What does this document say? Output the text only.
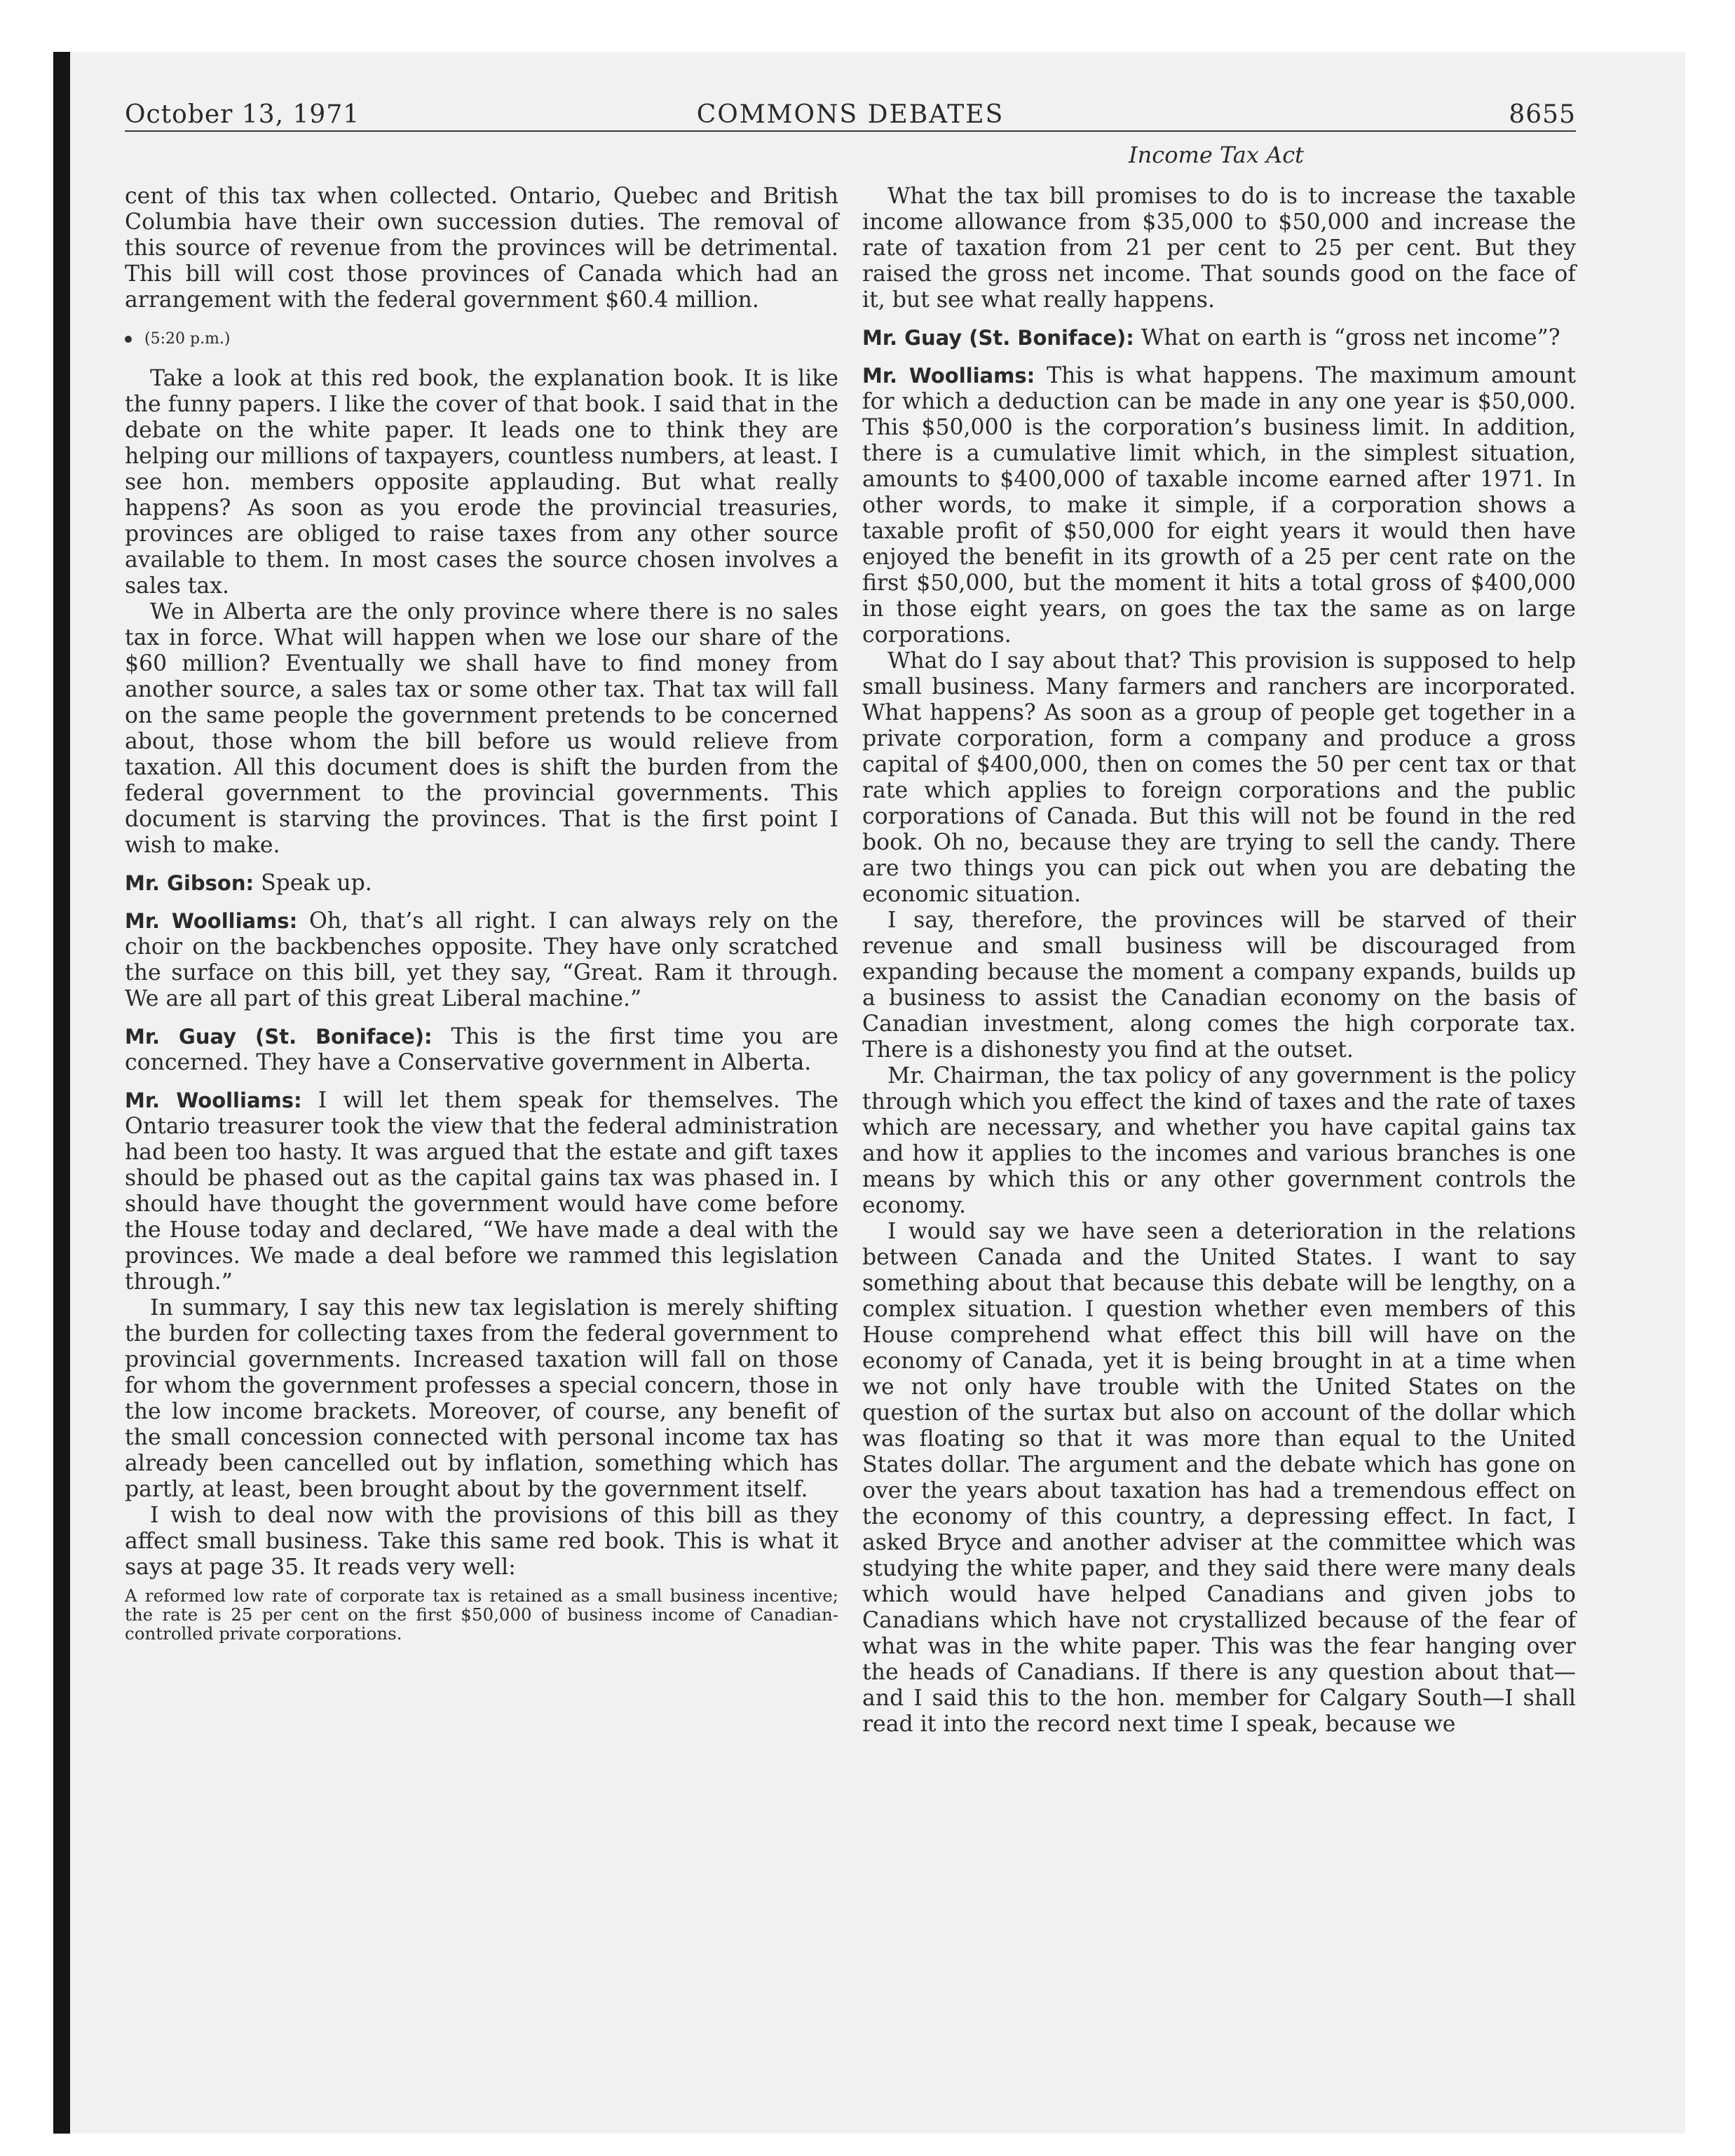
October 13, 1971	COMMONS DEBATES	8655
Income Tax Act

cent of this tax when collected. Ontario, Quebec and British Columbia have their own succession duties. The removal of this source of revenue from the provinces will be detrimental. This bill will cost those provinces of Canada which had an arrangement with the federal government $60.4 million.

(5:20 p.m.)

Take a look at this red book, the explanation book. It is like the funny papers. I like the cover of that book. I said that in the debate on the white paper. It leads one to think they are helping our millions of taxpayers, countless numbers, at least. I see hon. members opposite applauding. But what really happens? As soon as you erode the provincial treasuries, provinces are obliged to raise taxes from any other source available to them. In most cases the source chosen involves a sales tax.

We in Alberta are the only province where there is no sales tax in force. What will happen when we lose our share of the $60 million? Eventually we shall have to find money from another source, a sales tax or some other tax. That tax will fall on the same people the government pretends to be concerned about, those whom the bill before us would relieve from taxation. All this document does is shift the burden from the federal government to the provincial governments. This document is starving the provinces. That is the first point I wish to make.

Mr. Gibson: Speak up.

Mr. Woolliams: Oh, that’s all right. I can always rely on the choir on the backbenches opposite. They have only scratched the surface on this bill, yet they say, “Great. Ram it through. We are all part of this great Liberal machine.”

Mr. Guay (St. Boniface): This is the first time you are concerned. They have a Conservative government in Alberta.

Mr. Woolliams: I will let them speak for themselves. The Ontario treasurer took the view that the federal administration had been too hasty. It was argued that the estate and gift taxes should be phased out as the capital gains tax was phased in. I should have thought the government would have come before the House today and declared, “We have made a deal with the provinces. We made a deal before we rammed this legislation through.”

In summary, I say this new tax legislation is merely shifting the burden for collecting taxes from the federal government to provincial governments. Increased taxation will fall on those for whom the government professes a special concern, those in the low income brackets. Moreover, of course, any benefit of the small concession connected with personal income tax has already been cancelled out by inflation, something which has partly, at least, been brought about by the government itself.

I wish to deal now with the provisions of this bill as they affect small business. Take this same red book. This is what it says at page 35. It reads very well:

A reformed low rate of corporate tax is retained as a small business incentive; the rate is 25 per cent on the first $50,000 of business income of Canadian-controlled private corporations.

What the tax bill promises to do is to increase the taxable income allowance from $35,000 to $50,000 and increase the rate of taxation from 21 per cent to 25 per cent. But they raised the gross net income. That sounds good on the face of it, but see what really happens.

Mr. Guay (St. Boniface): What on earth is “gross net income”?

Mr. Woolliams: This is what happens. The maximum amount for which a deduction can be made in any one year is $50,000. This $50,000 is the corporation’s business limit. In addition, there is a cumulative limit which, in the simplest situation, amounts to $400,000 of taxable income earned after 1971. In other words, to make it simple, if a corporation shows a taxable profit of $50,000 for eight years it would then have enjoyed the benefit in its growth of a 25 per cent rate on the first $50,000, but the moment it hits a total gross of $400,000 in those eight years, on goes the tax the same as on large corporations.

What do I say about that? This provision is supposed to help small business. Many farmers and ranchers are incorporated. What happens? As soon as a group of people get together in a private corporation, form a company and produce a gross capital of $400,000, then on comes the 50 per cent tax or that rate which applies to foreign corporations and the public corporations of Canada. But this will not be found in the red book. Oh no, because they are trying to sell the candy. There are two things you can pick out when you are debating the economic situation.

I say, therefore, the provinces will be starved of their revenue and small business will be discouraged from expanding because the moment a company expands, builds up a business to assist the Canadian economy on the basis of Canadian investment, along comes the high corporate tax. There is a dishonesty you find at the outset.

Mr. Chairman, the tax policy of any government is the policy through which you effect the kind of taxes and the rate of taxes which are necessary, and whether you have capital gains tax and how it applies to the incomes and various branches is one means by which this or any other government controls the economy.

I would say we have seen a deterioration in the relations between Canada and the United States. I want to say something about that because this debate will be lengthy, on a complex situation. I question whether even members of this House comprehend what effect this bill will have on the economy of Canada, yet it is being brought in at a time when we not only have trouble with the United States on the question of the surtax but also on account of the dollar which was floating so that it was more than equal to the United States dollar. The argument and the debate which has gone on over the years about taxation has had a tremendous effect on the economy of this country, a depressing effect. In fact, I asked Bryce and another adviser at the committee which was studying the white paper, and they said there were many deals which would have helped Canadians and given jobs to Canadians which have not crystallized because of the fear of what was in the white paper. This was the fear hanging over the heads of Canadians. If there is any question about that—and I said this to the hon. member for Calgary South—I shall read it into the record next time I speak, because we
